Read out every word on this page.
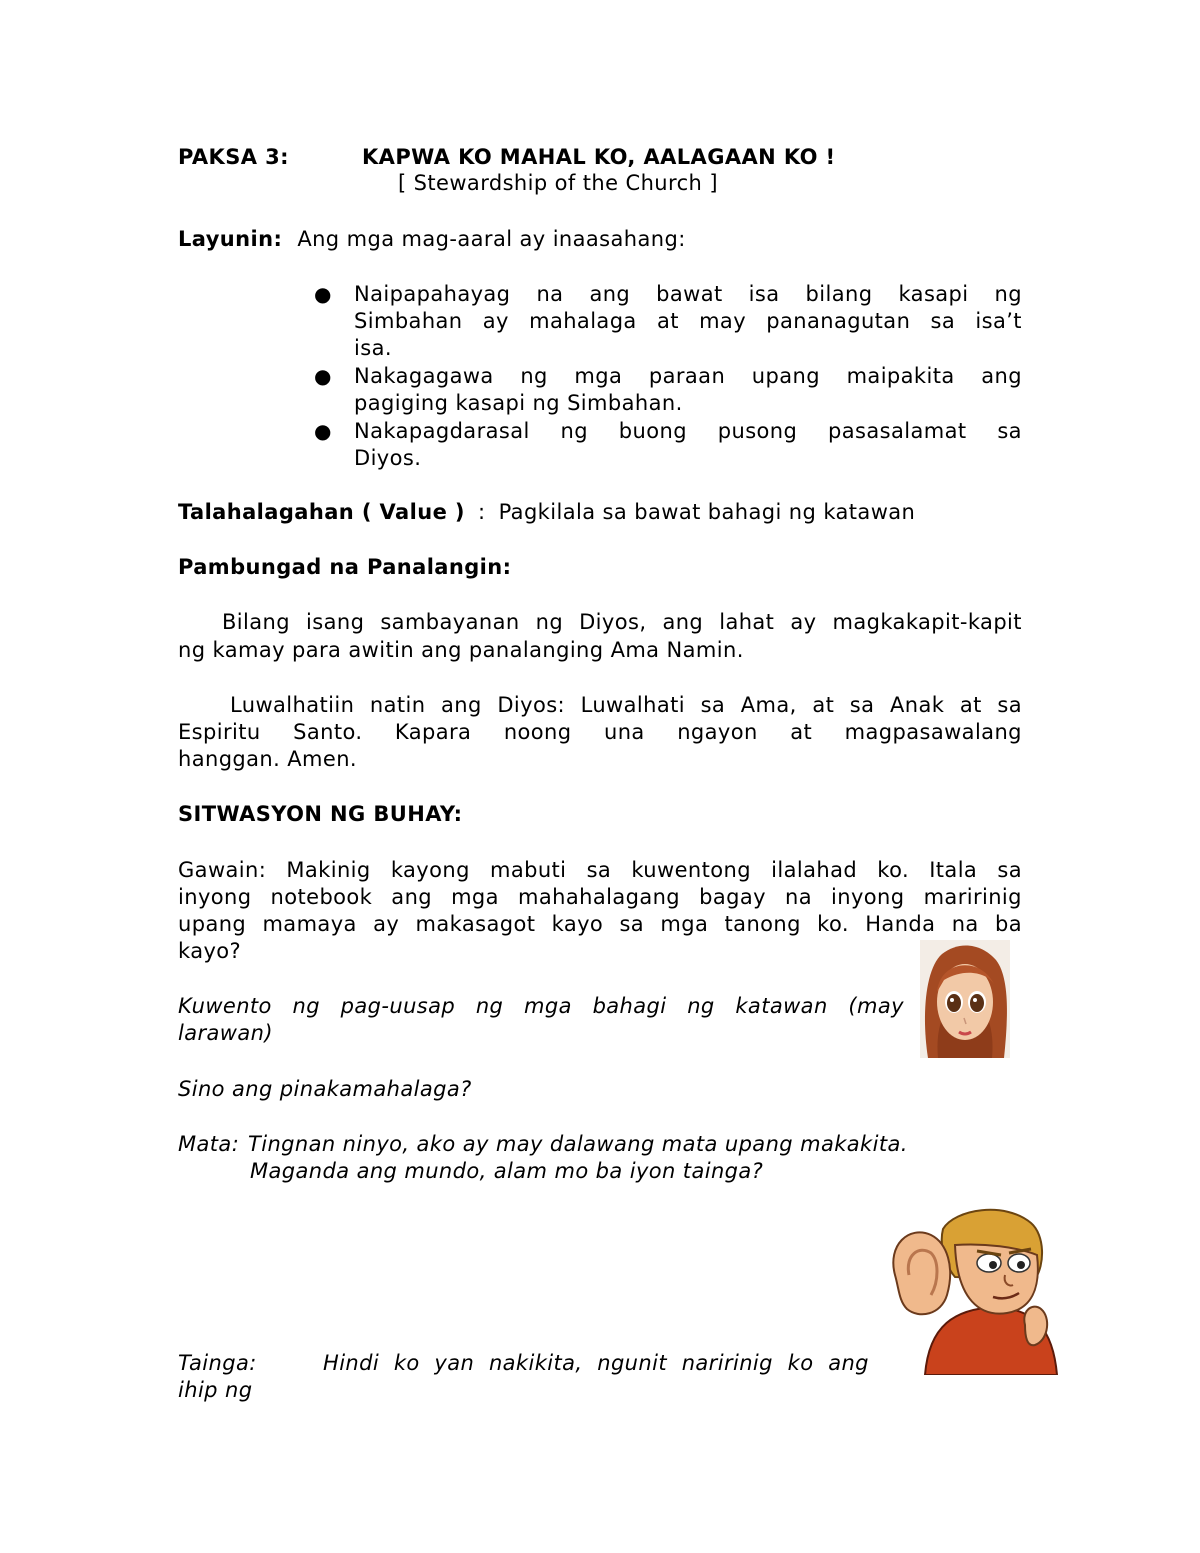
PAKSA 3:	KAPWA KO MAHAL KO, AALAGAAN KO !
[ Stewardship of the Church ]
Layunin: Ang mga mag-aaral ay inaasahang:
● Naipapahayag na ang bawat isa bilang kasapi ng
Simbahan ay mahalaga at may pananagutan sa isa’t
isa.
● Nakagagawa ng mga paraan upang maipakita ang
pagiging kasapi ng Simbahan.
● Nakapagdarasal ng buong pusong pasasalamat sa
Diyos.
Talahalagahan ( Value ) : Pagkilala sa bawat bahagi ng katawan
Pambungad na Panalangin:
Bilang isang sambayanan ng Diyos, ang lahat ay magkakapit-kapit
ng kamay para awitin ang panalanging Ama Namin.
Luwalhatiin natin ang Diyos: Luwalhati sa Ama, at sa Anak at sa
Espiritu Santo. Kapara noong una ngayon at magpasawalang
hanggan. Amen.
SITWASYON NG BUHAY:
Gawain: Makinig kayong mabuti sa kuwentong ilalahad ko. Itala sa
inyong notebook ang mga mahahalagang bagay na inyong maririnig
upang mamaya ay makasagot kayo sa mga tanong ko. Handa na ba
kayo?
Kuwento ng pag-uusap ng mga bahagi ng katawan (may
larawan)
Sino ang pinakamahalaga?
Mata: Tingnan ninyo, ako ay may dalawang mata upang makakita.
Maganda ang mundo, alam mo ba iyon tainga?
Tainga:	Hindi ko yan nakikita, ngunit naririnig ko ang
ihip ng
